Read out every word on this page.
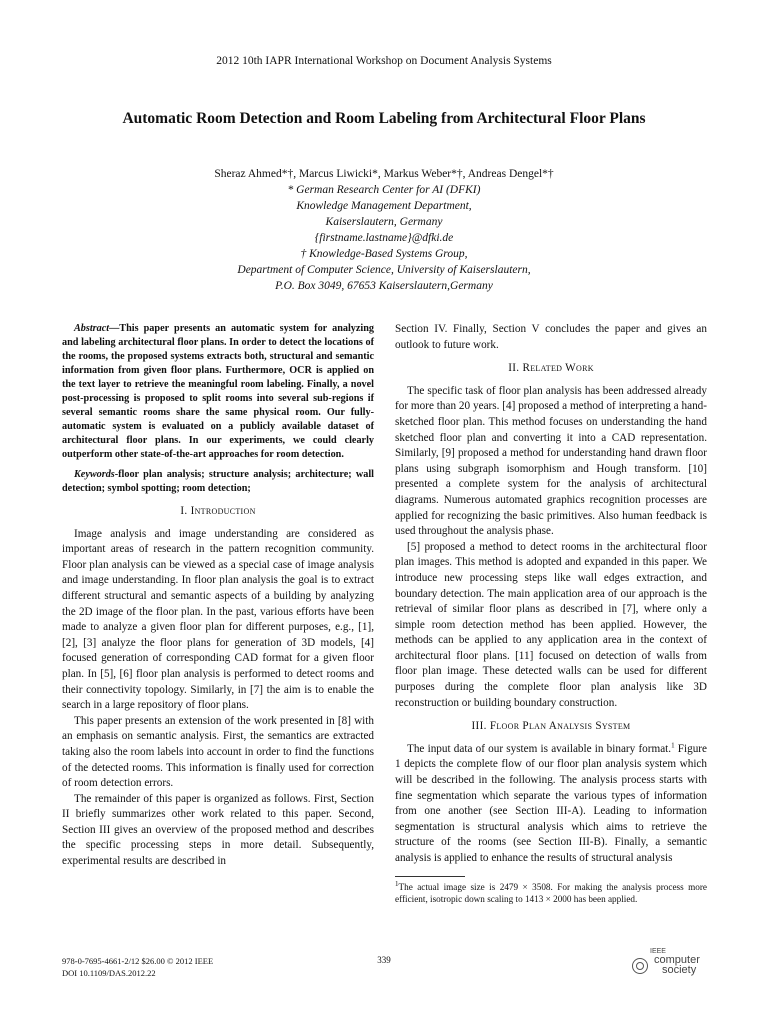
2012 10th IAPR International Workshop on Document Analysis Systems
Automatic Room Detection and Room Labeling from Architectural Floor Plans
Sheraz Ahmed*†, Marcus Liwicki*, Markus Weber*†, Andreas Dengel*†
* German Research Center for AI (DFKI)
Knowledge Management Department,
Kaiserslautern, Germany
{firstname.lastname}@dfki.de
† Knowledge-Based Systems Group,
Department of Computer Science, University of Kaiserslautern,
P.O. Box 3049, 67653 Kaiserslautern,Germany
Abstract—This paper presents an automatic system for analyzing and labeling architectural floor plans. In order to detect the locations of the rooms, the proposed systems extracts both, structural and semantic information from given floor plans. Furthermore, OCR is applied on the text layer to retrieve the meaningful room labeling. Finally, a novel post-processing is proposed to split rooms into several sub-regions if several semantic rooms share the same physical room. Our fully-automatic system is evaluated on a publicly available dataset of architectural floor plans. In our experiments, we could clearly outperform other state-of-the-art approaches for room detection.
Keywords-floor plan analysis; structure analysis; architecture; wall detection; symbol spotting; room detection;
I. Introduction

Image analysis and image understanding are considered as important areas of research in the pattern recognition community. Floor plan analysis can be viewed as a special case of image analysis and image understanding. In floor plan analysis the goal is to extract different structural and semantic aspects of a building by analyzing the 2D image of the floor plan. In the past, various efforts have been made to analyze a given floor plan for different purposes, e.g., [1], [2], [3] analyze the floor plans for generation of 3D models, [4] focused generation of corresponding CAD format for a given floor plan. In [5], [6] floor plan analysis is performed to detect rooms and their connectivity topology. Similarly, in [7] the aim is to enable the search in a large repository of floor plans.

This paper presents an extension of the work presented in [8] with an emphasis on semantic analysis. First, the semantics are extracted taking also the room labels into account in order to find the functions of the detected rooms. This information is finally used for correction of room detection errors.

The remainder of this paper is organized as follows. First, Section II briefly summarizes other work related to this paper. Second, Section III gives an overview of the proposed method and describes the specific processing steps in more detail. Subsequently, experimental results are described in

Section IV. Finally, Section V concludes the paper and gives an outlook to future work.

II. Related Work

The specific task of floor plan analysis has been addressed already for more than 20 years. [4] proposed a method of interpreting a hand-sketched floor plan. This method focuses on understanding the hand sketched floor plan and converting it into a CAD representation. Similarly, [9] proposed a method for understanding hand drawn floor plans using subgraph isomorphism and Hough transform. [10] presented a complete system for the analysis of architectural diagrams. Numerous automated graphics recognition processes are applied for recognizing the basic primitives. Also human feedback is used throughout the analysis phase.

[5] proposed a method to detect rooms in the architectural floor plan images. This method is adopted and expanded in this paper. We introduce new processing steps like wall edges extraction, and boundary detection. The main application area of our approach is the retrieval of similar floor plans as described in [7], where only a simple room detection method has been applied. However, the methods can be applied to any application area in the context of architectural floor plans. [11] focused on detection of walls from floor plan image. These detected walls can be used for different purposes during the complete floor plan analysis like 3D reconstruction or building boundary construction.

III. Floor Plan Analysis System

The input data of our system is available in binary format.$^1$ Figure 1 depicts the complete flow of our floor plan analysis system which will be described in the following. The analysis process starts with fine segmentation which separate the various types of information from one another (see Section III-A). Leading to information segmentation is structural analysis which aims to retrieve the structure of the rooms (see Section III-B). Finally, a semantic analysis is applied to enhance the results of structural analysis

$^1$The actual image size is 2479 × 3508. For making the analysis process more efficient, isotropic down scaling to 1413 × 2000 has been applied.
978-0-7695-4661-2/12 $26.00 © 2012 IEEE
DOI 10.1109/DAS.2012.22
339
IEEE
computer
society
